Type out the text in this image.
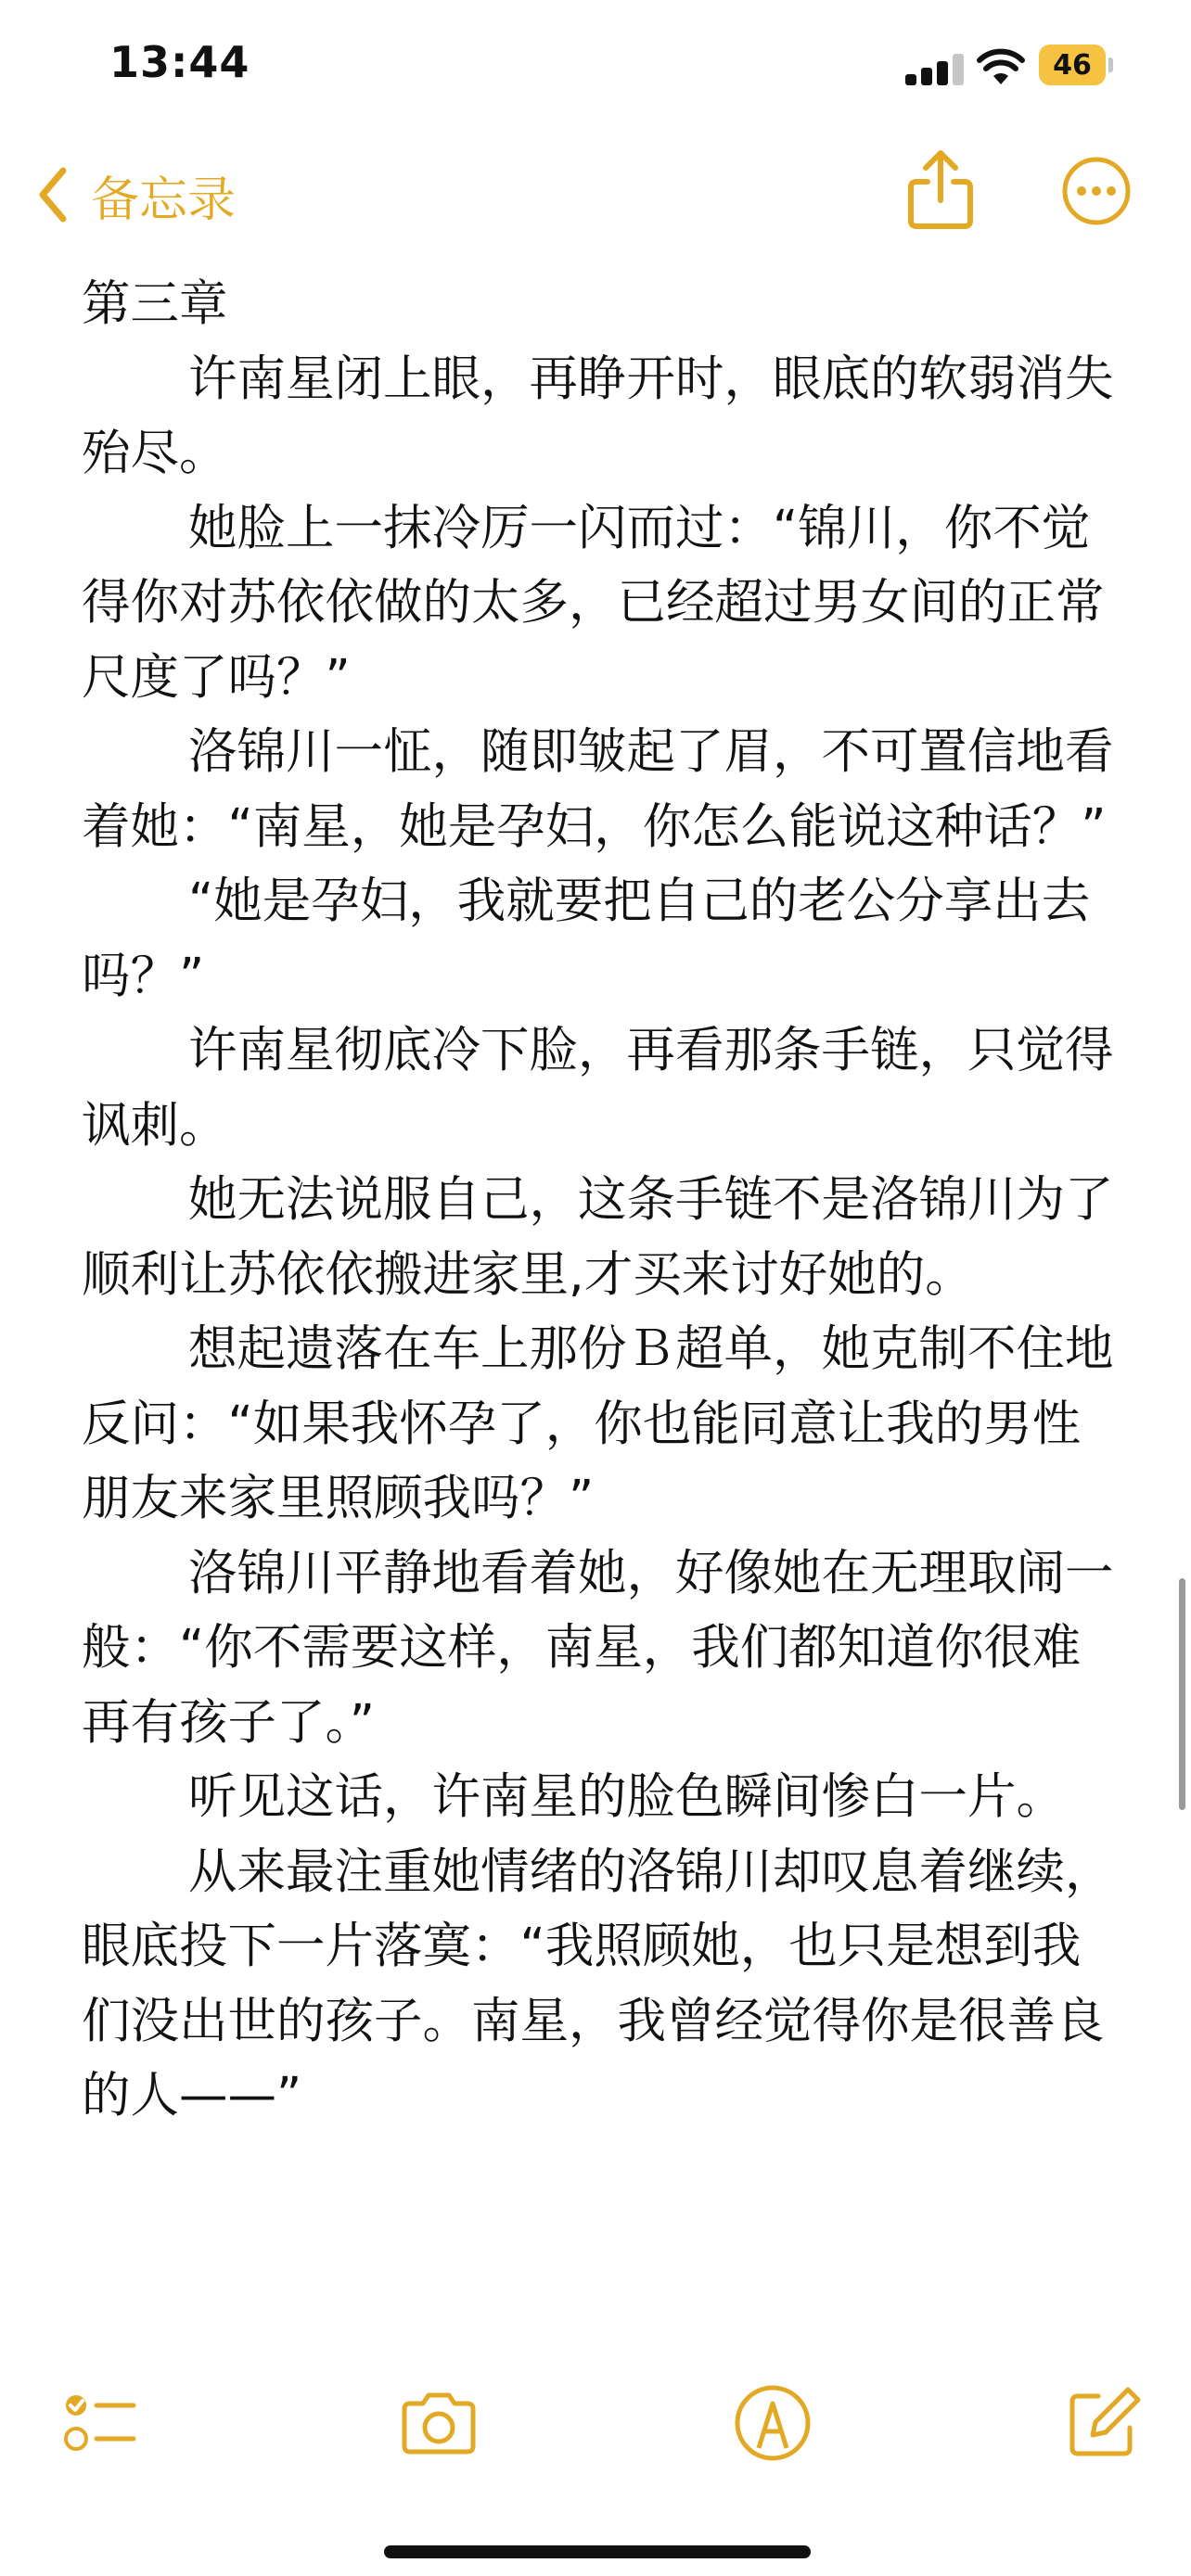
13:44	46
备忘录

第三章

许南星闭上眼，再睁开时，眼底的软弱消失殆尽。

她脸上一抹冷厉一闪而过：“锦川，你不觉得你对苏依依做的太多，已经超过男女间的正常尺度了吗？”

洛锦川一怔，随即皱起了眉，不可置信地看着她：“南星，她是孕妇，你怎么能说这种话？”

“她是孕妇，我就要把自己的老公分享出去吗？”

许南星彻底冷下脸，再看那条手链，只觉得讽刺。

她无法说服自己，这条手链不是洛锦川为了顺利让苏依依搬进家里,才买来讨好她的。

想起遗落在车上那份Ｂ超单，她克制不住地反问：“如果我怀孕了，你也能同意让我的男性朋友来家里照顾我吗？”

洛锦川平静地看着她，好像她在无理取闹一般：“你不需要这样，南星，我们都知道你很难再有孩子了。”

听见这话，许南星的脸色瞬间惨白一片。

从来最注重她情绪的洛锦川却叹息着继续，眼底投下一片落寞：“我照顾她，也只是想到我们没出世的孩子。南星，我曾经觉得你是很善良的人——”
